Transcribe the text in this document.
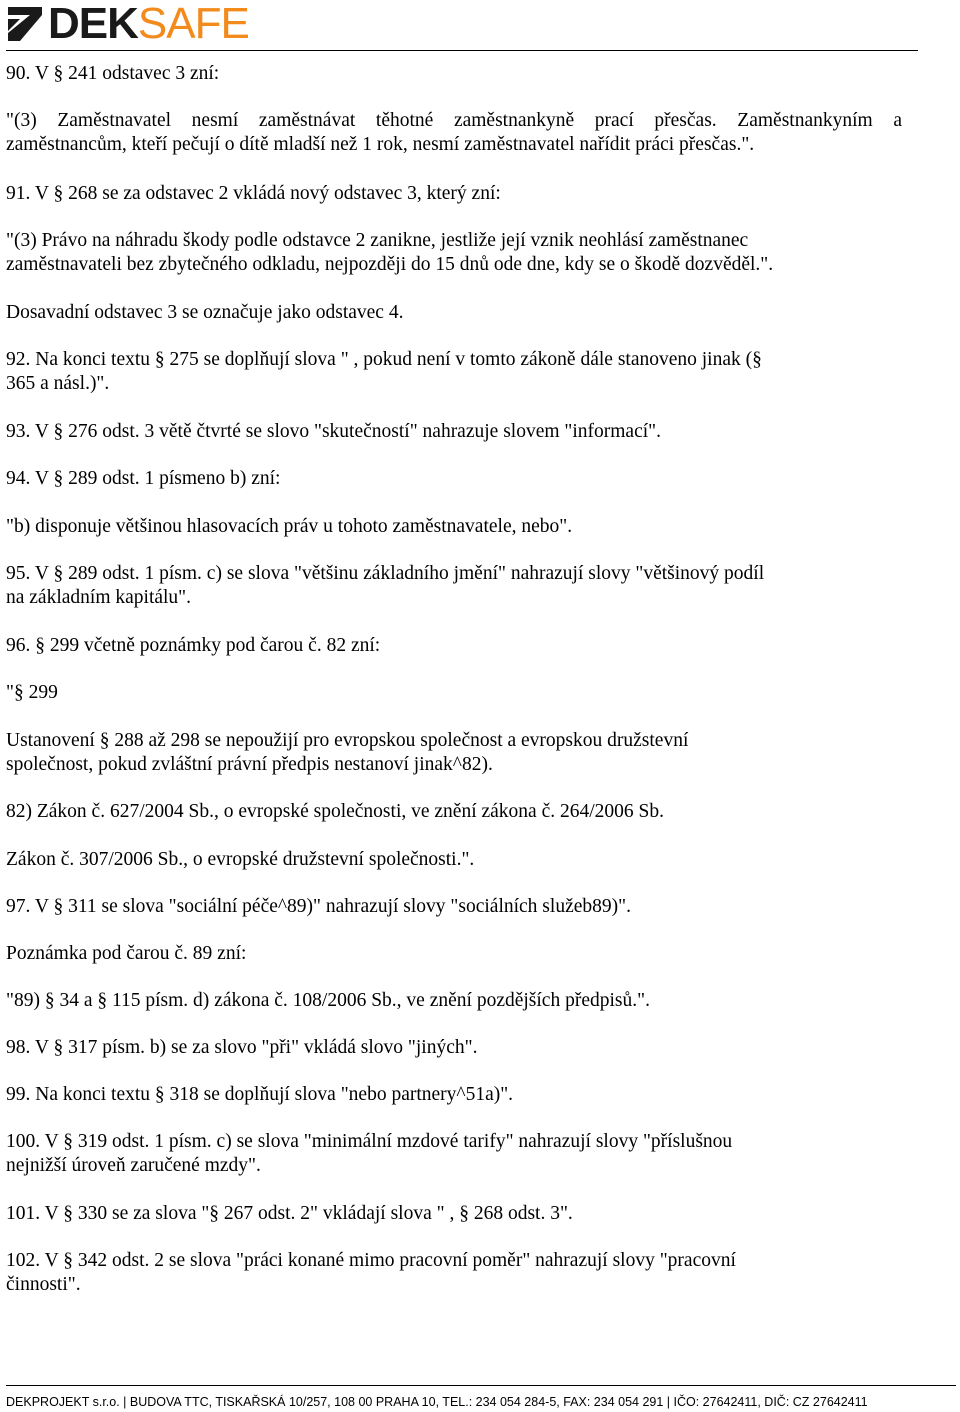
DEKSAFE
90. V § 241 odstavec 3 zní:
"(3) Zaměstnavatel nesmí zaměstnávat těhotné zaměstnankyně prací přesčas. Zaměstnankyním a
zaměstnancům, kteří pečují o dítě mladší než 1 rok, nesmí zaměstnavatel nařídit práci přesčas.".
91. V § 268 se za odstavec 2 vkládá nový odstavec 3, který zní:
"(3) Právo na náhradu škody podle odstavce 2 zanikne, jestliže její vznik neohlásí zaměstnanec
zaměstnavateli bez zbytečného odkladu, nejpozději do 15 dnů ode dne, kdy se o škodě dozvěděl.".
Dosavadní odstavec 3 se označuje jako odstavec 4.
92. Na konci textu § 275 se doplňují slova " , pokud není v tomto zákoně dále stanoveno jinak (§
365 a násl.)".
93. V § 276 odst. 3 větě čtvrté se slovo "skutečností" nahrazuje slovem "informací".
94. V § 289 odst. 1 písmeno b) zní:
"b) disponuje většinou hlasovacích práv u tohoto zaměstnavatele, nebo".
95. V § 289 odst. 1 písm. c) se slova "většinu základního jmění" nahrazují slovy "většinový podíl
na základním kapitálu".
96. § 299 včetně poznámky pod čarou č. 82 zní:
"§ 299
Ustanovení § 288 až 298 se nepoužijí pro evropskou společnost a evropskou družstevní
společnost, pokud zvláštní právní předpis nestanoví jinak^82).
82) Zákon č. 627/2004 Sb., o evropské společnosti, ve znění zákona č. 264/2006 Sb.
Zákon č. 307/2006 Sb., o evropské družstevní společnosti.".
97. V § 311 se slova "sociální péče^89)" nahrazují slovy "sociálních služeb89)".
Poznámka pod čarou č. 89 zní:
"89) § 34 a § 115 písm. d) zákona č. 108/2006 Sb., ve znění pozdějších předpisů.".
98. V § 317 písm. b) se za slovo "při" vkládá slovo "jiných".
99. Na konci textu § 318 se doplňují slova "nebo partnery^51a)".
100. V § 319 odst. 1 písm. c) se slova "minimální mzdové tarify" nahrazují slovy "příslušnou
nejnižší úroveň zaručené mzdy".
101. V § 330 se za slova "§ 267 odst. 2" vkládají slova " , § 268 odst. 3".
102. V § 342 odst. 2 se slova "práci konané mimo pracovní poměr" nahrazují slovy "pracovní
činnosti".
DEKPROJEKT s.r.o. | BUDOVA TTC, TISKAŘSKÁ 10/257, 108 00 PRAHA 10, TEL.: 234 054 284-5, FAX: 234 054 291 | IČO: 27642411, DIČ: CZ 27642411
